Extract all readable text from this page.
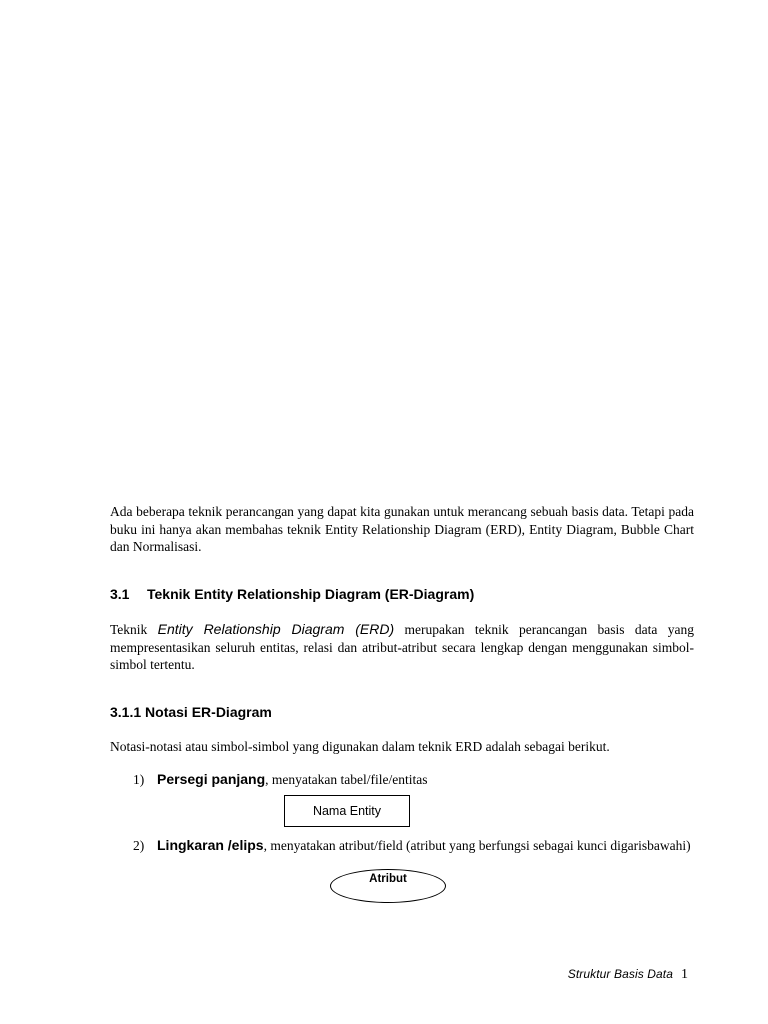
Ada beberapa teknik perancangan yang dapat kita gunakan untuk merancang sebuah basis data. Tetapi pada buku ini hanya akan membahas teknik Entity Relationship Diagram (ERD), Entity Diagram, Bubble Chart dan Normalisasi.

3.1 Teknik Entity Relationship Diagram (ER-Diagram)

Teknik Entity Relationship Diagram (ERD) merupakan teknik perancangan basis data yang mempresentasikan seluruh entitas, relasi dan atribut-atribut secara lengkap dengan menggunakan simbol-simbol tertentu.

3.1.1 Notasi ER-Diagram

Notasi-notasi atau simbol-simbol yang digunakan dalam teknik ERD adalah sebagai berikut.

1) Persegi panjang, menyatakan tabel/file/entitas
Nama Entity
2) Lingkaran /elips, menyatakan atribut/field (atribut yang berfungsi sebagai kunci digarisbawahi)
Atribut
Struktur Basis Data 1
